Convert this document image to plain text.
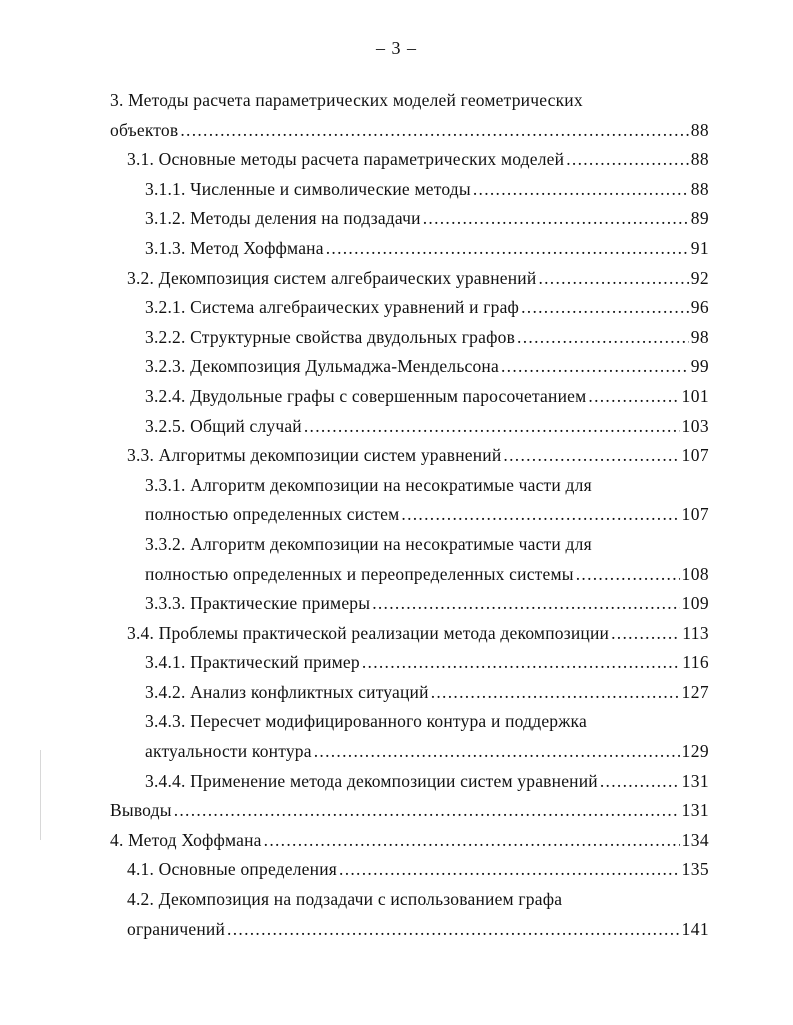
– 3 –
3. Методы расчета параметрических моделей геометрических
объектов .....	88
3.1. Основные методы расчета параметрических моделей .....	88
3.1.1. Численные и символические методы .....	88
3.1.2. Методы деления на подзадачи .....	89
3.1.3. Метод Хоффмана .....	91
3.2. Декомпозиция систем алгебраических уравнений .....	92
3.2.1. Система алгебраических уравнений и граф .....	96
3.2.2. Структурные свойства двудольных графов .....	98
3.2.3. Декомпозиция Дульмаджа-Мендельсона .....	99
3.2.4. Двудольные графы с совершенным паросочетанием .....	101
3.2.5. Общий случай .....	103
3.3. Алгоритмы декомпозиции систем уравнений .....	107
3.3.1. Алгоритм декомпозиции на несократимые части для
полностью определенных систем .....	107
3.3.2. Алгоритм декомпозиции на несократимые части для
полностью определенных и переопределенных системы .....	108
3.3.3. Практические примеры .....	109
3.4. Проблемы практической реализации метода декомпозиции .....	113
3.4.1. Практический пример .....	116
3.4.2. Анализ конфликтных ситуаций .....	127
3.4.3. Пересчет модифицированного контура и поддержка
актуальности контура .....	129
3.4.4. Применение метода декомпозиции систем уравнений .....	131
Выводы .....	131
4. Метод Хоффмана .....	134
4.1. Основные определения .....	135
4.2. Декомпозиция на подзадачи с использованием графа
ограничений .....	141
